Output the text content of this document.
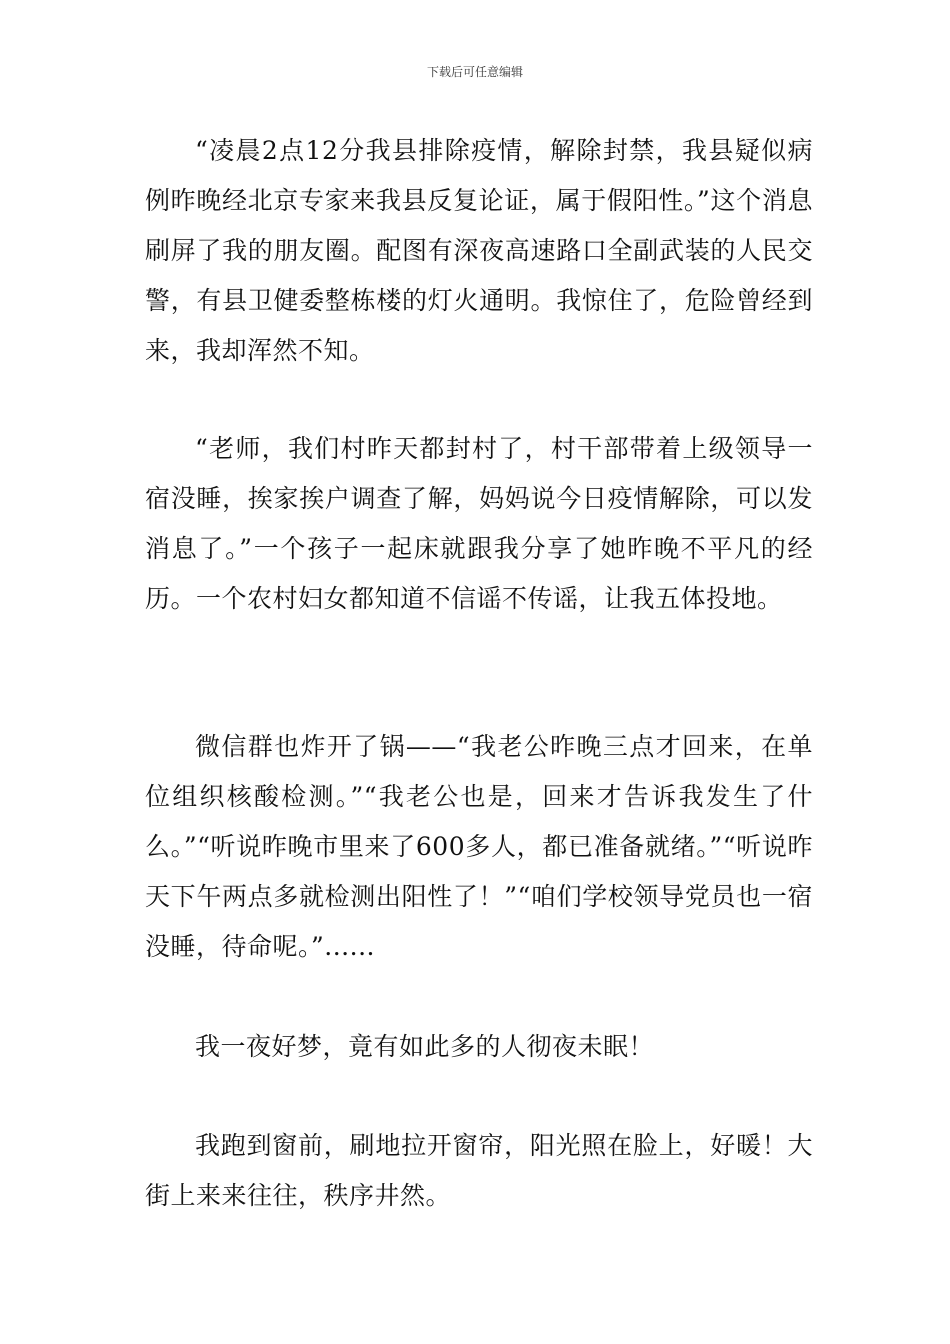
下载后可任意编辑

“凌晨2点12分我县排除疫情，解除封禁，我县疑似病例昨晚经北京专家来我县反复论证，属于假阳性。”这个消息刷屏了我的朋友圈。配图有深夜高速路口全副武装的人民交警，有县卫健委整栋楼的灯火通明。我惊住了，危险曾经到来，我却浑然不知。

“老师，我们村昨天都封村了，村干部带着上级领导一宿没睡，挨家挨户调查了解，妈妈说今日疫情解除，可以发消息了。”一个孩子一起床就跟我分享了她昨晚不平凡的经历。一个农村妇女都知道不信谣不传谣，让我五体投地。

微信群也炸开了锅——“我老公昨晚三点才回来，在单位组织核酸检测。”“我老公也是，回来才告诉我发生了什么。”“听说昨晚市里来了600多人，都已准备就绪。”“听说昨天下午两点多就检测出阳性了！”“咱们学校领导党员也一宿没睡，待命呢。”......

我一夜好梦，竟有如此多的人彻夜未眠！

我跑到窗前，刷地拉开窗帘，阳光照在脸上，好暖！大街上来来往往，秩序井然。
